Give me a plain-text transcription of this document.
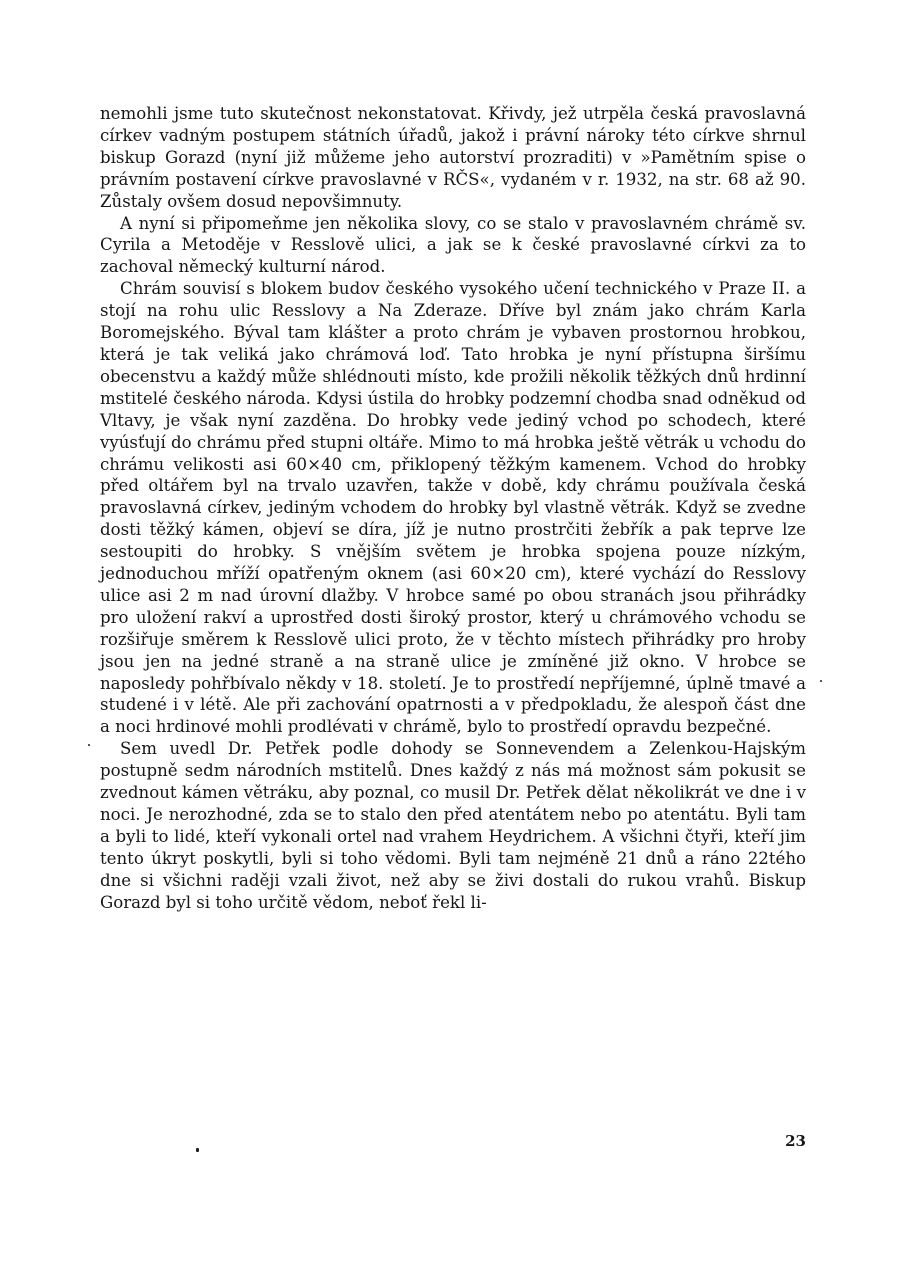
nemohli jsme tuto skutečnost nekonstatovat. Křivdy, jež utrpěla česká pravoslavná církev vadným postupem státních úřadů, jakož i právní nároky této církve shrnul biskup Gorazd (nyní již můžeme jeho autorství prozraditi) v »Pamětním spise o právním postavení církve pravoslavné v RČS«, vydaném v r. 1932, na str. 68 až 90. Zůstaly ovšem dosud nepovšimnuty.

A nyní si připomeňme jen několika slovy, co se stalo v pravoslavném chrámě sv. Cyrila a Metoděje v Resslově ulici, a jak se k české pravoslavné církvi za to zachoval německý kulturní národ.

Chrám souvisí s blokem budov českého vysokého učení technického v Praze II. a stojí na rohu ulic Resslovy a Na Zderaze. Dříve byl znám jako chrám Karla Boromejského. Býval tam klášter a proto chrám je vybaven prostornou hrobkou, která je tak veliká jako chrámová loď. Tato hrobka je nyní přístupna širšímu obecenstvu a každý může shlédnouti místo, kde prožili několik těžkých dnů hrdinní mstitelé českého národa. Kdysi ústila do hrobky podzemní chodba snad odněkud od Vltavy, je však nyní zazděna. Do hrobky vede jediný vchod po schodech, které vyúsťují do chrámu před stupni oltáře. Mimo to má hrobka ještě větrák u vchodu do chrámu velikosti asi 60×40 cm, přiklopený těžkým kamenem. Vchod do hrobky před oltářem byl na trvalo uzavřen, takže v době, kdy chrámu používala česká pravoslavná církev, jediným vchodem do hrobky byl vlastně větrák. Když se zvedne dosti těžký kámen, objeví se díra, jíž je nutno prostrčiti žebřík a pak teprve lze sestoupiti do hrobky. S vnějším světem je hrobka spojena pouze nízkým, jednoduchou mříží opatřeným oknem (asi 60×20 cm), které vychází do Resslovy ulice asi 2 m nad úrovní dlažby. V hrobce samé po obou stranách jsou přihrádky pro uložení rakví a uprostřed dosti široký prostor, který u chrámového vchodu se rozšiřuje směrem k Resslově ulici proto, že v těchto místech přihrádky pro hroby jsou jen na jedné straně a na straně ulice je zmíněné již okno. V hrobce se naposledy pohřbívalo někdy v 18. století. Je to prostředí nepříjemné, úplně tmavé a studené i v létě. Ale při zachování opatrnosti a v předpokladu, že alespoň část dne a noci hrdinové mohli prodlévati v chrámě, bylo to prostředí opravdu bezpečné.

Sem uvedl Dr. Petřek podle dohody se Sonnevendem a Zelenkou-Hajským postupně sedm národních mstitelů. Dnes každý z nás má možnost sám pokusit se zvednout kámen větráku, aby poznal, co musil Dr. Petřek dělat několikrát ve dne i v noci. Je nerozhodné, zda se to stalo den před atentátem nebo po atentátu. Byli tam a byli to lidé, kteří vykonali ortel nad vrahem Heydrichem. A všichni čtyři, kteří jim tento úkryt poskytli, byli si toho vědomi. Byli tam nejméně 21 dnů a ráno 22tého dne si všichni raději vzali život, než aby se živi dostali do rukou vrahů. Biskup Gorazd byl si toho určitě vědom, neboť řekl li-

23
